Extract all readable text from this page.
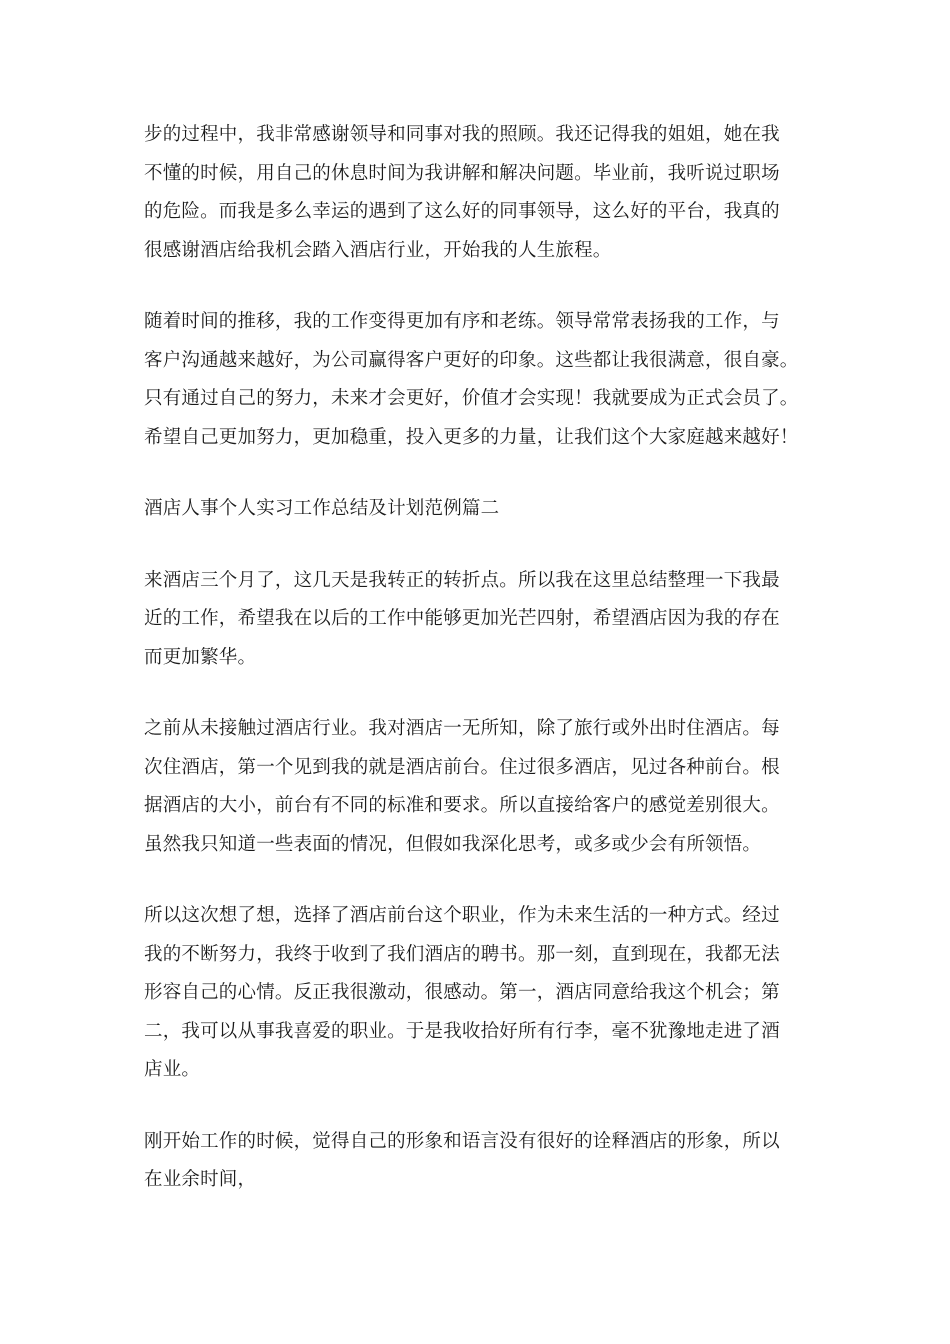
步的过程中，我非常感谢领导和同事对我的照顾。我还记得我的姐姐，她在我
不懂的时候，用自己的休息时间为我讲解和解决问题。毕业前，我听说过职场
的危险。而我是多么幸运的遇到了这么好的同事领导，这么好的平台，我真的
很感谢酒店给我机会踏入酒店行业，开始我的人生旅程。
随着时间的推移，我的工作变得更加有序和老练。领导常常表扬我的工作，与
客户沟通越来越好，为公司赢得客户更好的印象。这些都让我很满意，很自豪。
只有通过自己的努力，未来才会更好，价值才会实现！我就要成为正式会员了。
希望自己更加努力，更加稳重，投入更多的力量，让我们这个大家庭越来越好！
酒店人事个人实习工作总结及计划范例篇二
来酒店三个月了，这几天是我转正的转折点。所以我在这里总结整理一下我最
近的工作，希望我在以后的工作中能够更加光芒四射，希望酒店因为我的存在
而更加繁华。
之前从未接触过酒店行业。我对酒店一无所知，除了旅行或外出时住酒店。每
次住酒店，第一个见到我的就是酒店前台。住过很多酒店，见过各种前台。根
据酒店的大小，前台有不同的标准和要求。所以直接给客户的感觉差别很大。
虽然我只知道一些表面的情况，但假如我深化思考，或多或少会有所领悟。
所以这次想了想，选择了酒店前台这个职业，作为未来生活的一种方式。经过
我的不断努力，我终于收到了我们酒店的聘书。那一刻，直到现在，我都无法
形容自己的心情。反正我很激动，很感动。第一，酒店同意给我这个机会；第
二，我可以从事我喜爱的职业。于是我收拾好所有行李，毫不犹豫地走进了酒
店业。
刚开始工作的时候，觉得自己的形象和语言没有很好的诠释酒店的形象，所以
在业余时间，
